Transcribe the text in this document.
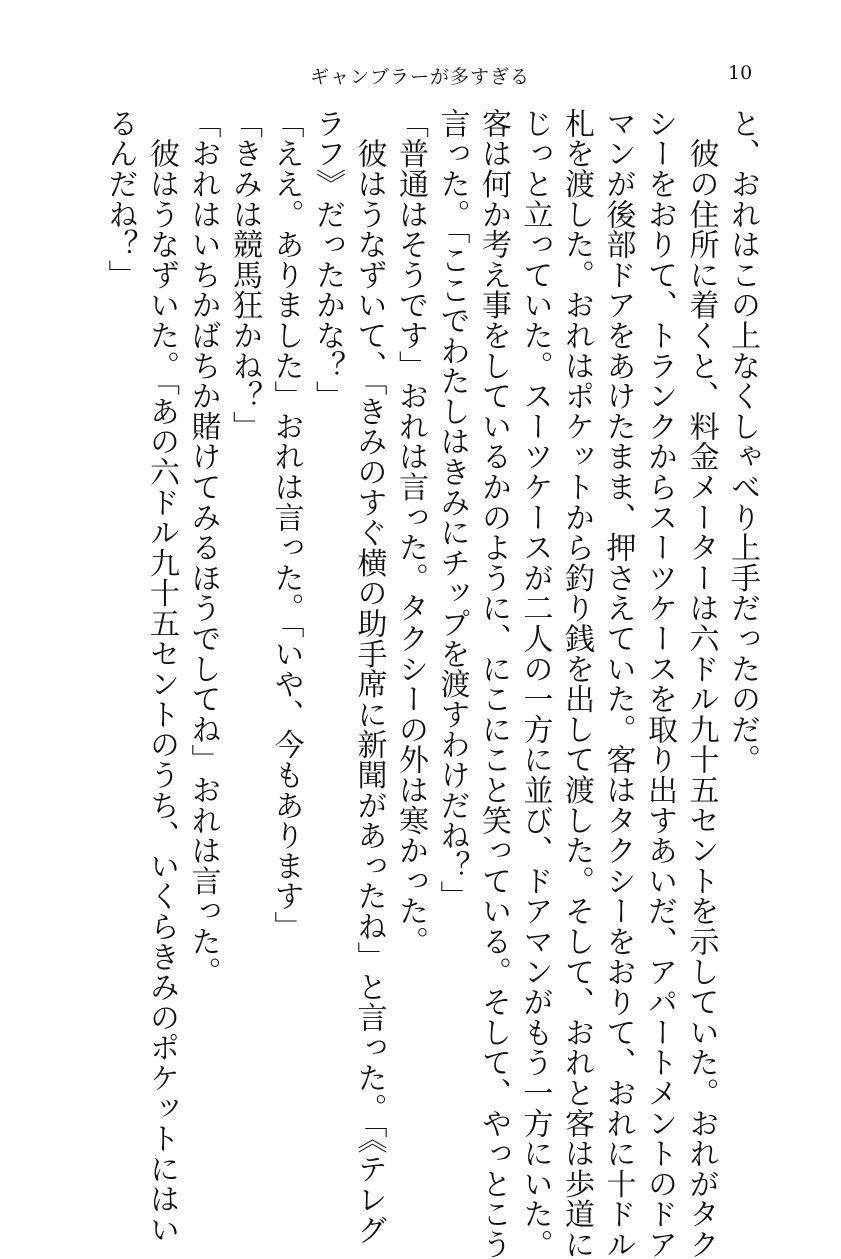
ギャンブラーが多すぎる	10
と、おれはこの上なくしゃべり上手だったのだ。
　彼の住所に着くと、料金メーターは六ドル九十五セントを示していた。おれがタク
シーをおりて、トランクからスーツケースを取り出すあいだ、アパートメントのドア
マンが後部ドアをあけたまま、押さえていた。客はタクシーをおりて、おれに十ドル
札を渡した。おれはポケットから釣り銭を出して渡した。そして、おれと客は歩道に
じっと立っていた。スーツケースが二人の一方に並び、ドアマンがもう一方にいた。
客は何か考え事をしているかのように、にこにこと笑っている。そして、やっとこう
言った。「ここでわたしはきみにチップを渡すわけだね？」
「普通はそうです」おれは言った。タクシーの外は寒かった。
　彼はうなずいて、「きみのすぐ横の助手席に新聞があったね」と言った。「《テレグ
ラフ》だったかな？」
「ええ。ありました」おれは言った。「いや、今もあります」
「きみは競馬狂かね？」
「おれはいちかばちか賭けてみるほうでしてね」おれは言った。
　彼はうなずいた。「あの六ドル九十五セントのうち、いくらきみのポケットにはい
るんだね？」
